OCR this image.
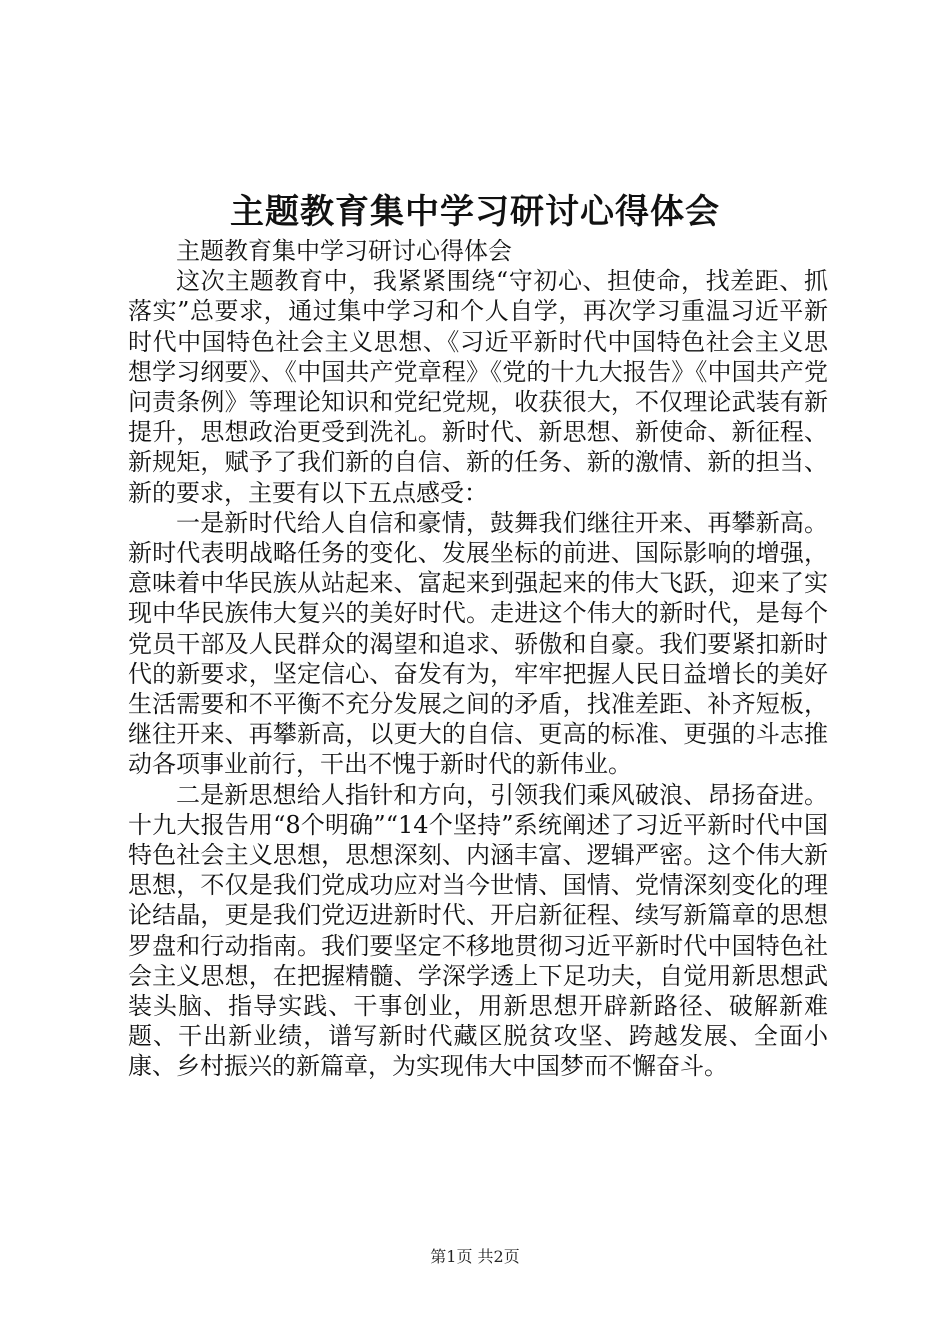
主题教育集中学习研讨心得体会

主题教育集中学习研讨心得体会

这次主题教育中，我紧紧围绕“守初心、担使命，找差距、抓落实”总要求，通过集中学习和个人自学，再次学习重温习近平新时代中国特色社会主义思想、《习近平新时代中国特色社会主义思想学习纲要》、《中国共产党章程》《党的十九大报告》《中国共产党问责条例》等理论知识和党纪党规，收获很大，不仅理论武装有新提升，思想政治更受到洗礼。新时代、新思想、新使命、新征程、新规矩，赋予了我们新的自信、新的任务、新的激情、新的担当、新的要求，主要有以下五点感受：

一是新时代给人自信和豪情，鼓舞我们继往开来、再攀新高。新时代表明战略任务的变化、发展坐标的前进、国际影响的增强，意味着中华民族从站起来、富起来到强起来的伟大飞跃，迎来了实现中华民族伟大复兴的美好时代。走进这个伟大的新时代，是每个党员干部及人民群众的渴望和追求、骄傲和自豪。我们要紧扣新时代的新要求，坚定信心、奋发有为，牢牢把握人民日益增长的美好生活需要和不平衡不充分发展之间的矛盾，找准差距、补齐短板，继往开来、再攀新高，以更大的自信、更高的标准、更强的斗志推动各项事业前行，干出不愧于新时代的新伟业。

二是新思想给人指针和方向，引领我们乘风破浪、昂扬奋进。十九大报告用“8个明确”“14个坚持”系统阐述了习近平新时代中国特色社会主义思想，思想深刻、内涵丰富、逻辑严密。这个伟大新思想，不仅是我们党成功应对当今世情、国情、党情深刻变化的理论结晶，更是我们党迈进新时代、开启新征程、续写新篇章的思想罗盘和行动指南。我们要坚定不移地贯彻习近平新时代中国特色社会主义思想，在把握精髓、学深学透上下足功夫，自觉用新思想武装头脑、指导实践、干事创业，用新思想开辟新路径、破解新难题、干出新业绩，谱写新时代藏区脱贫攻坚、跨越发展、全面小康、乡村振兴的新篇章，为实现伟大中国梦而不懈奋斗。

第1页 共2页
